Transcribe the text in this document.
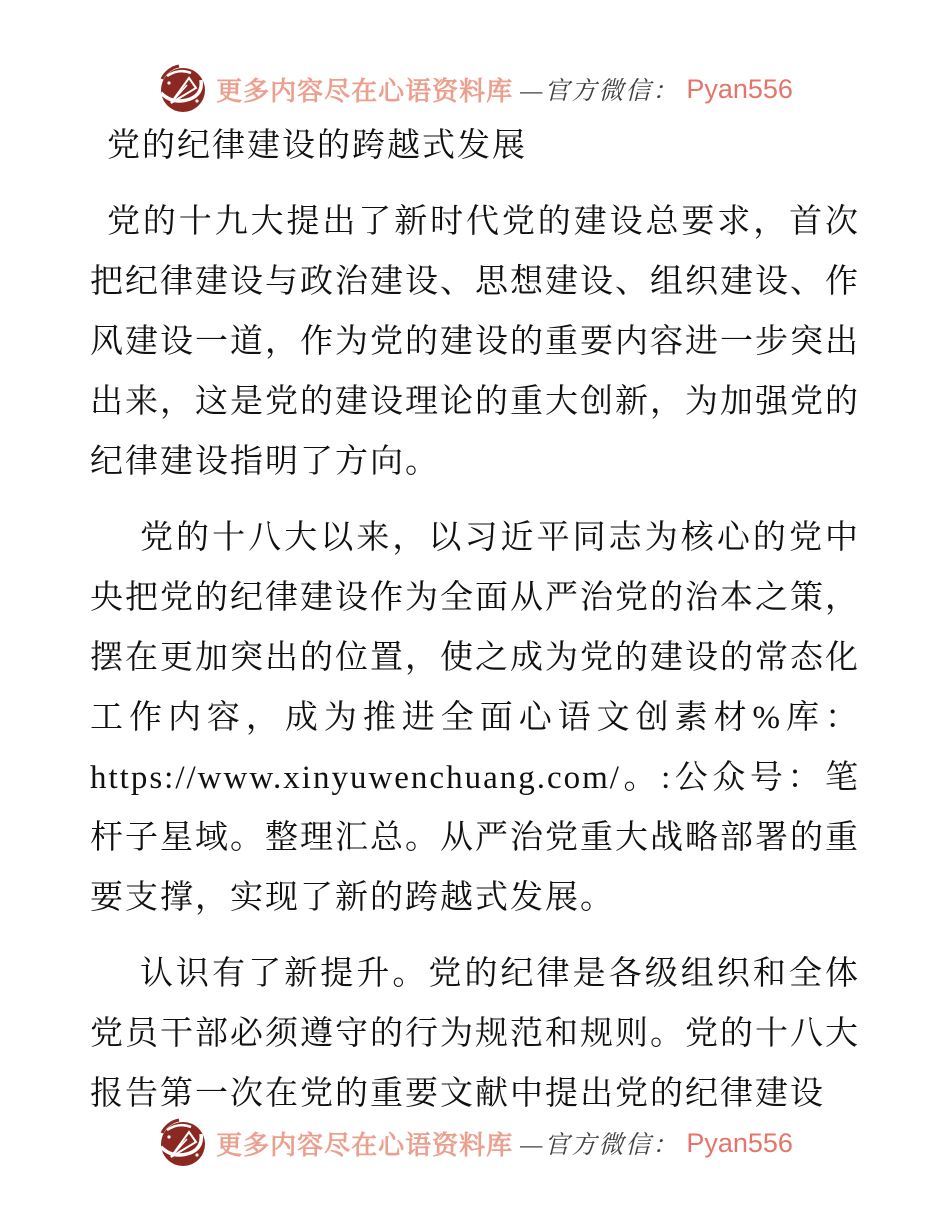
更多内容尽在心语资料库 —官方微信： Pyan556
党的纪律建设的跨越式发展

党的十九大提出了新时代党的建设总要求，首次把纪律建设与政治建设、思想建设、组织建设、作风建设一道，作为党的建设的重要内容进一步突出出来，这是党的建设理论的重大创新，为加强党的纪律建设指明了方向。

党的十八大以来，以习近平同志为核心的党中央把党的纪律建设作为全面从严治党的治本之策，摆在更加突出的位置，使之成为党的建设的常态化工作内容，成为推进全面心语文创素材%库：https://www.xinyuwenchuang.com/。:公众号：笔杆子星域。整理汇总。从严治党重大战略部署的重要支撑，实现了新的跨越式发展。

认识有了新提升。党的纪律是各级组织和全体党员干部必须遵守的行为规范和规则。党的十八大报告第一次在党的重要文献中提出党的纪律建设

更多内容尽在心语资料库 —官方微信： Pyan556
